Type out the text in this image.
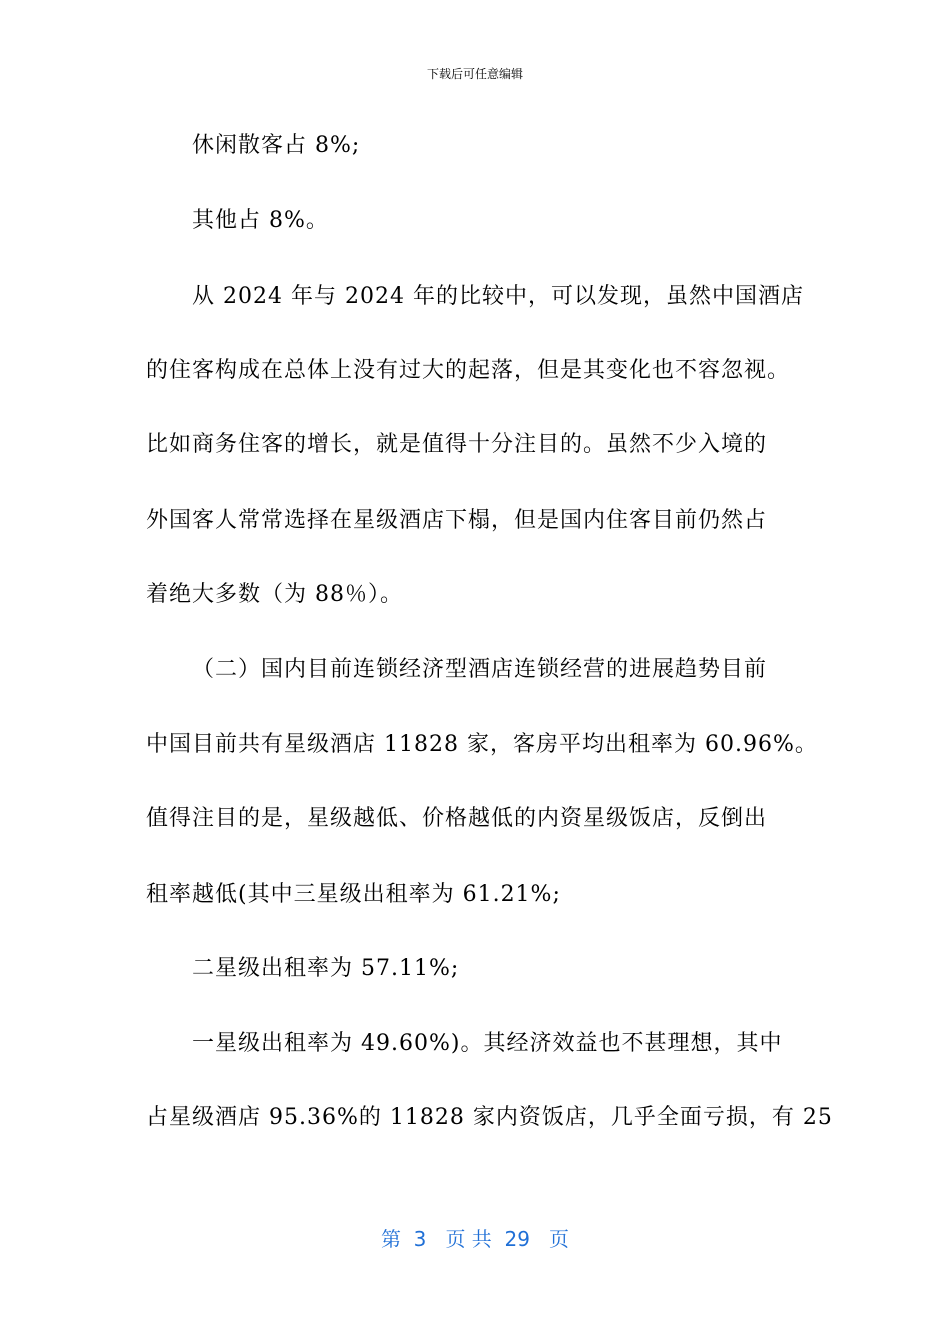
下载后可任意编辑
休闲散客占 8%;
其他占 8%。
从 2024 年与 2024 年的比较中，可以发现，虽然中国酒店
的住客构成在总体上没有过大的起落，但是其变化也不容忽视。
比如商务住客的增长，就是值得十分注目的。虽然不少入境的
外国客人常常选择在星级酒店下榻，但是国内住客目前仍然占
着绝大多数（为 88％）。
（二）国内目前连锁经济型酒店连锁经营的进展趋势目前
中国目前共有星级酒店 11828 家，客房平均出租率为 60.96%。
值得注目的是，星级越低、价格越低的内资星级饭店，反倒出
租率越低(其中三星级出租率为 61.21%;
二星级出租率为 57.11%;
一星级出租率为 49.60%)。其经济效益也不甚理想，其中
占星级酒店 95.36%的 11828 家内资饭店，几乎全面亏损，有 25
第  3   页 共  29   页
